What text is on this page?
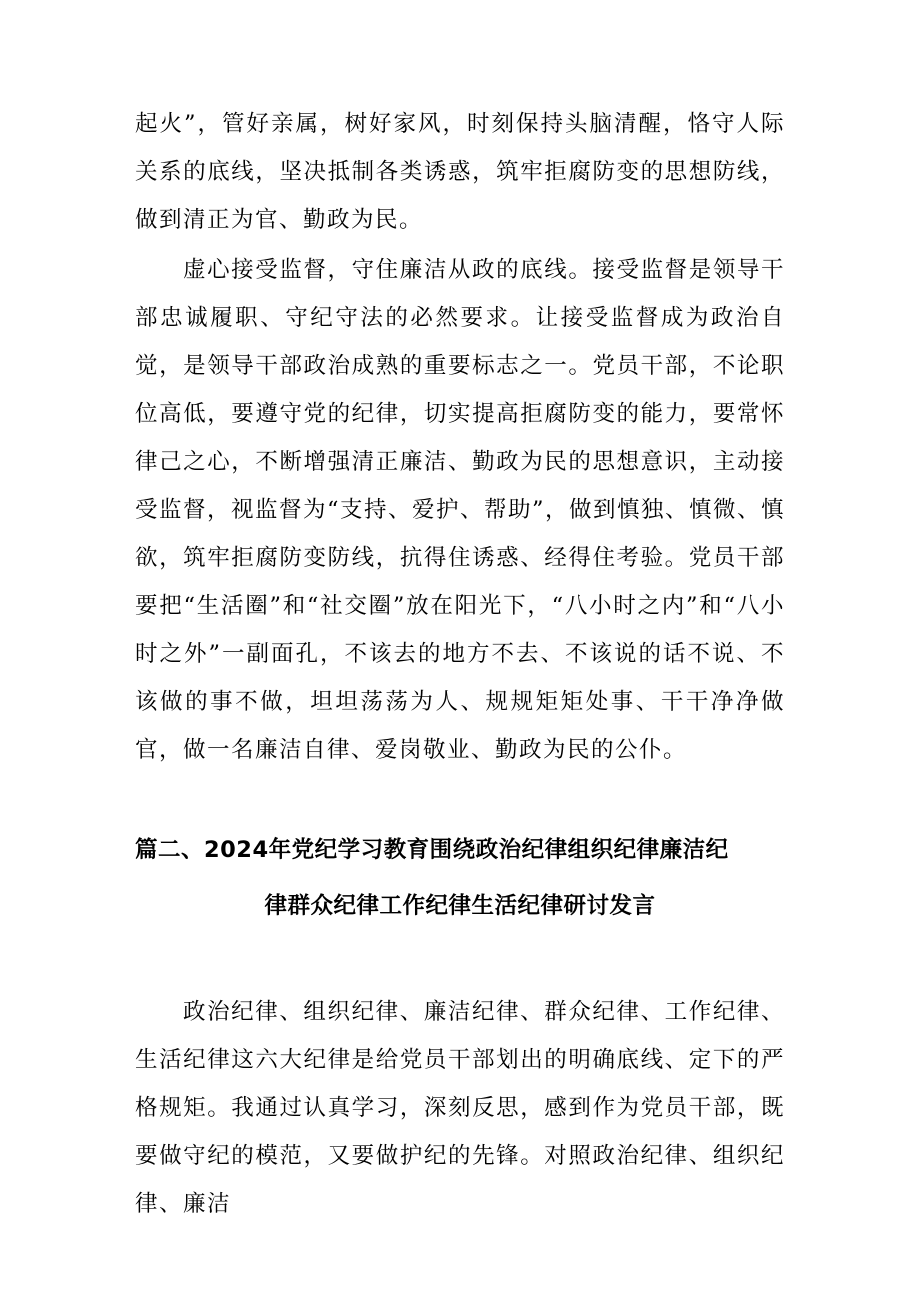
起火”，管好亲属，树好家风，时刻保持头脑清醒，恪守人际关系的底线，坚决抵制各类诱惑，筑牢拒腐防变的思想防线，做到清正为官、勤政为民。

虚心接受监督，守住廉洁从政的底线。接受监督是领导干部忠诚履职、守纪守法的必然要求。让接受监督成为政治自觉，是领导干部政治成熟的重要标志之一。党员干部，不论职位高低，要遵守党的纪律，切实提高拒腐防变的能力，要常怀律己之心，不断增强清正廉洁、勤政为民的思想意识，主动接受监督，视监督为“支持、爱护、帮助”，做到慎独、慎微、慎欲，筑牢拒腐防变防线，抗得住诱惑、经得住考验。党员干部要把“生活圈”和“社交圈”放在阳光下，“八小时之内”和“八小时之外”一副面孔，不该去的地方不去、不该说的话不说、不该做的事不做，坦坦荡荡为人、规规矩矩处事、干干净净做官，做一名廉洁自律、爱岗敬业、勤政为民的公仆。

篇二、2024年党纪学习教育围绕政治纪律组织纪律廉洁纪
律群众纪律工作纪律生活纪律研讨发言

政治纪律、组织纪律、廉洁纪律、群众纪律、工作纪律、生活纪律这六大纪律是给党员干部划出的明确底线、定下的严格规矩。我通过认真学习，深刻反思，感到作为党员干部，既要做守纪的模范，又要做护纪的先锋。对照政治纪律、组织纪律、廉洁
